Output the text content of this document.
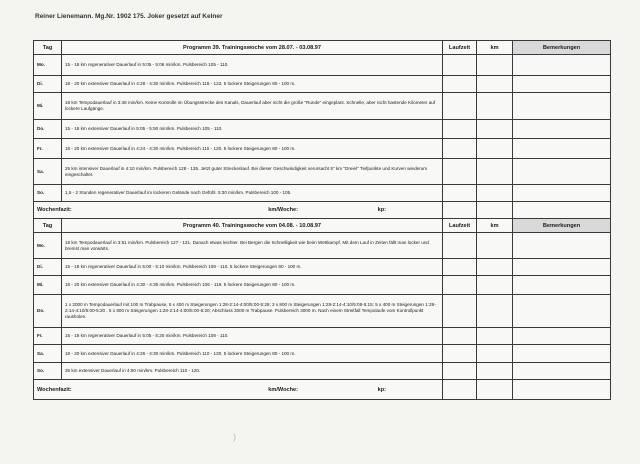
Reiner Lienemann. Mg.Nr. 1902 175. Joker gesetzt auf Kelner
Tag	Programm 39. Trainingswoche vom 28.07. - 03.08.97	Laufzeit	km	Bemerkungen
Mo.	15 - 18 km regenerativer Dauerlauf in 5:05 - 5:06 min/km. Pulsbereich 105 - 110.			
Di.	18 - 20 km extensiver Dauerlauf in 4:28 - 4:30 min/km. Pulsbereich 118 - 123. 5 lockere Steigerungen 80 - 100 m.			
Mi.	18 km Tempodauerlauf in 3:48 min/km. Keine Kontrolle im Übungsstrecke des Kanals, Dauerlauf aber nicht die große "Runde" eingeplant. Schnelle, aber nicht hastende Kilometer auf lockere Laufgänge.			
Do.	15 - 18 km extensiver Dauerlauf in 5:05 - 5:50 min/km. Pulsbereich 105 - 110.			
Fr.	18 - 20 km extensiver Dauerlauf in 4:24 - 4:30 min/km. Pulsbereich 115 - 120. 5 lockere Steigerungen 80 - 100 m.			
Sa.	25 km intensiver Dauerlauf in 4:10 min/km. Pulsbereich 128 - 135. Jetzt guter Streckenlauf. Bei dieser Geschwindigkeit verursacht 5" km "Dreiel" Tiefpunkte und Kurven wiederum eingeschaltet.			
So.	1,5 - 2 Stunden regenerativer Dauerlauf im lockeren Gelände nach Gefühl. 5:30 min/km. Pulsbereich 100 - 105.			
Wochenfazit: km/Woche: kp:				
Tag	Programm 40. Trainingswoche vom 04.08. - 10.08.97	Laufzeit	km	Bemerkungen
Mo.	18 km Tempodauerlauf in 3:51 min/km. Pulsbereich 127 - 131. Danach etwas leichter. Bei Bergen die Schnelligkeit wie beim Wettkampf. Mit dem Lauf in Zeiten fällt man locker und bremst man vorwärts.			
Di.	15 - 18 km regenerativer Dauerlauf in 5:00 - 5:10 min/km. Pulsbereich 108 - 110. 5 lockere Steigerungen 80 - 100 m.			
Mi.	18 - 20 km extensiver Dauerlauf in 4:30 - 4:35 min/km. Pulsbereich 106 - 119. 5 lockere Steigerungen 80 - 100 m.			
Do.	1 x 2000 m Tempodauerlauf mit 100 m Trabpause, 5 x 400 m Steigerungen 1:28-2:14-4:00/5:00-5:28; 3 x 800 m Steigerungen 1:28-2:14-4:10/5:08-5:15; 5 x 400 m Steigerungen 1:28-2:14-4:10/5:00-5:20 . 5 x 800 m Steigerungen 1:28-2:14-4:00/5:00-5:20; Abschluss 3000 m Trabpause. Pulsbereich 3000 m. Nach einem Streitfall Tempolaufe vom Kontrollpunkt rausholen.			
Fr.	15 - 18 km regenerativer Dauerlauf in 5:05 - 5:20 min/km. Pulsbereich 108 - 110.			
Sa.	18 - 20 km extensiver Dauerlauf in 4:26 - 4:30 min/km. Pulsbereich 110 - 120. 5 lockere Steigerungen 80 - 100 m.			
So.	35 km extensiver Dauerlauf in 4:50 min/km. Pulsbereich 110 - 120.			
Wochenfazit: km/Woche: kp:				
)
